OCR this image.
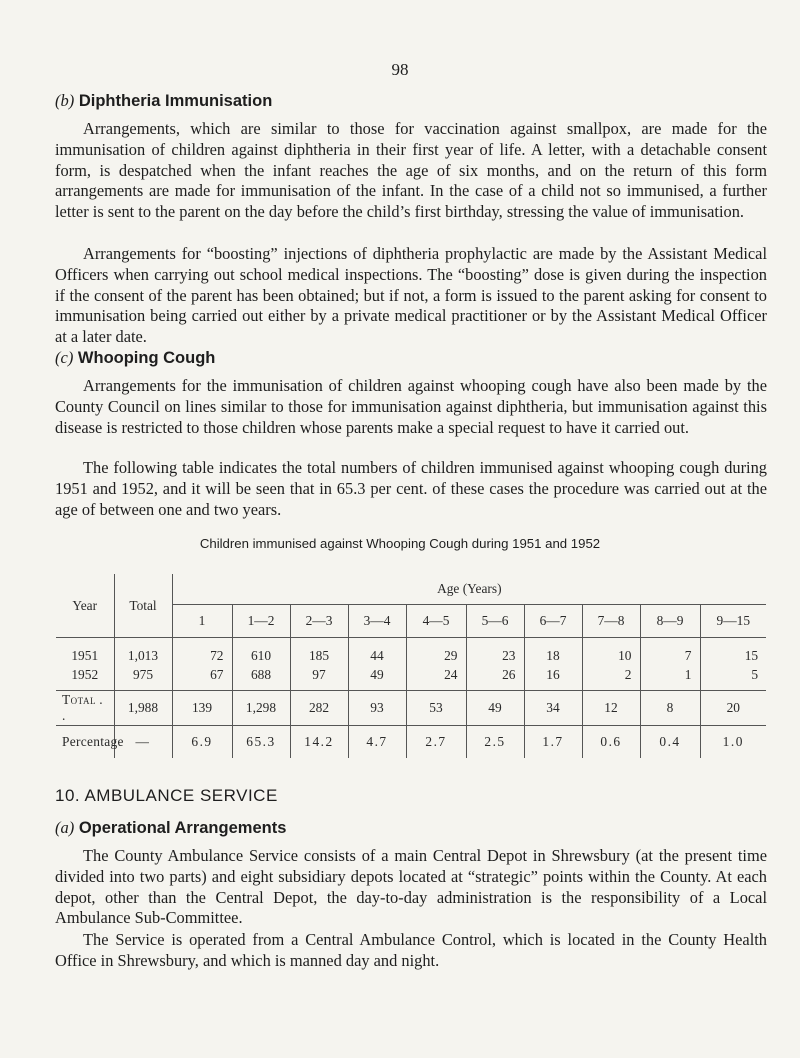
98
(b) Diphtheria Immunisation

Arrangements, which are similar to those for vaccination against smallpox, are made for the immunisation of children against diphtheria in their first year of life. A letter, with a detachable consent form, is despatched when the infant reaches the age of six months, and on the return of this form arrangements are made for immunisation of the infant. In the case of a child not so immunised, a further letter is sent to the parent on the day before the child’s first birthday, stressing the value of immunisation.

Arrangements for “boosting” injections of diphtheria prophylactic are made by the Assistant Medical Officers when carrying out school medical inspections. The “boosting” dose is given during the inspection if the consent of the parent has been obtained; but if not, a form is issued to the parent asking for consent to immunisation being carried out either by a private medical practitioner or by the Assistant Medical Officer at a later date.

(c) Whooping Cough

Arrangements for the immunisation of children against whooping cough have also been made by the County Council on lines similar to those for immunisation against diphtheria, but immunisation against this disease is restricted to those children whose parents make a special request to have it carried out.

The following table indicates the total numbers of children immunised against whooping cough during 1951 and 1952, and it will be seen that in 65.3 per cent. of these cases the procedure was carried out at the age of between one and two years.

Children immunised against Whooping Cough during 1951 and 1952
Year	Total	Age (Years)									
		1	1—2	2—3	3—4	4—5	5—6	6—7	7—8	8—9	9—15
1951	1,013	72	610	185	44	29	23	18	10	7	15
1952	975	67	688	97	49	24	26	16	2	1	5
Total . .	1,988	139	1,298	282	93	53	49	34	12	8	20
Percentage	—	6.9	65.3	14.2	4.7	2.7	2.5	1.7	0.6	0.4	1.0
10. AMBULANCE SERVICE
(a) Operational Arrangements

The County Ambulance Service consists of a main Central Depot in Shrewsbury (at the present time divided into two parts) and eight subsidiary depots located at “strategic” points within the County. At each depot, other than the Central Depot, the day-to-day administration is the responsibility of a Local Ambulance Sub-Committee.

The Service is operated from a Central Ambulance Control, which is located in the County Health Office in Shrewsbury, and which is manned day and night.
